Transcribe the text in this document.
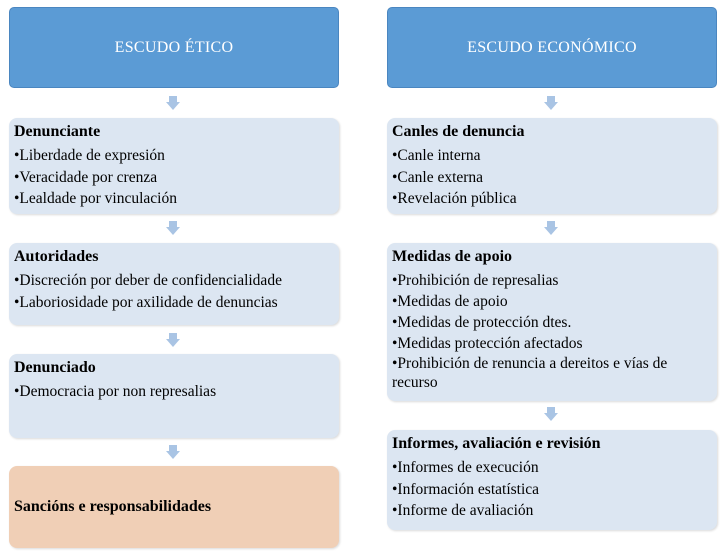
ESCUDO ÉTICO
Denunciante
•Liberdade de expresión
•Veracidade por crenza
•Lealdade por vinculación
Autoridades
•Discreción por deber de confidencialidade
•Laboriosidade por axilidade de denuncias
Denunciado
•Democracia por non represalias
Sancións e responsabilidades
ESCUDO ECONÓMICO
Canles de denuncia
•Canle interna
•Canle externa
•Revelación pública
Medidas de apoio
•Prohibición de represalias
•Medidas de apoio
•Medidas de protección dtes.
•Medidas protección afectados
•Prohibición de renuncia a dereitos e vías de recurso
Informes, avaliación e revisión
•Informes de execución
•Información estatística
•Informe de avaliación
